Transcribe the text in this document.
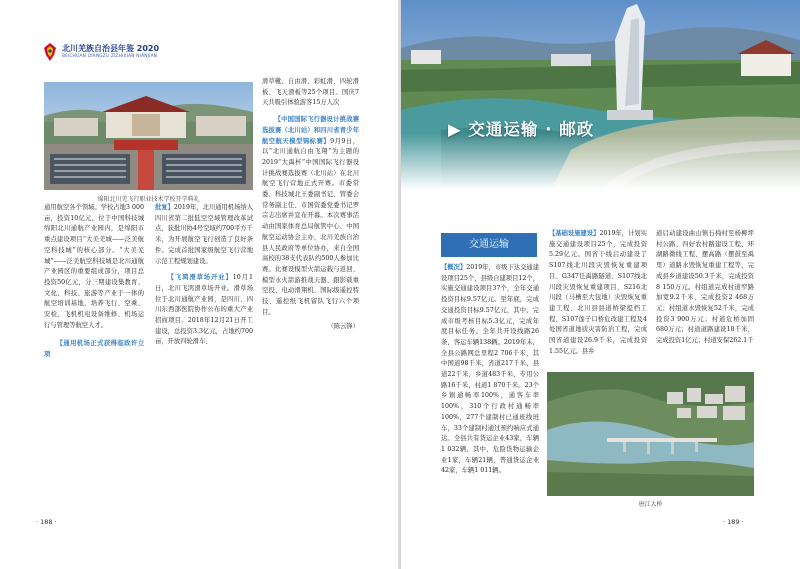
北川羌族自治县年鉴 2020
BEICHUAN QIANGZU ZIZHIXIAN NIANJIAN
绵阳北川羌飞行职业技术学校开学典礼

通用航空各个领域。学校占地3 000亩，投资10亿元，位于中国科技城绵阳北川通航产业园内，是绵阳市重点建设项目“大美羌城——泛美航空科技城”的核心部分。“大美羌城”——泛美航空科技城是北川通航产业园区的重要组成部分，项目总投资50亿元，分三期建设集教育、文化、科技、旅游等产业于一体的航空培训基地，培养飞行、空乘、安检、飞机机电设备维修、机场运行与管理等航空人才。

【通用机场正式获得临政许立项

批复】2019年，北川通用机场纳入四川省第二批低空空域管理改革试点，获批川协4号空域约700平方千米，为开展航空飞行创造了良好条件。完成首批国家级航空飞行营地示范工程规划建设。

【飞鸿滑草场开业】10月1日，北川飞鸿滑草场开业。滑草场位于北川通航产业园，是四川、四川东西部医院协作公布的重大产业招商项目，2018年12月21日开工建设，总投资3.3亿元，占地约700亩，开放四轮滑车、

滑草靴、自由滑、彩虹滑、四轮滑板、飞天滑板等25个项目。国庆7天共吸引体验游客15万人次

【中国国际飞行器设计挑战赛选拔赛（北川站）和四川省青少年航空航天模型锦标赛】9月9日，以“北川通航自由飞翔”为主题的2019“大禹杯”中国国际飞行器设计挑战赛选拔赛（北川站）在北川航空飞行营地正式开赛。市委常委、科技城北王委副书记、管委会常务副主任、市国资委党委书记罗宗志出席并宣布开幕。本次赛事活动由国家体育总局航管中心、中国航空运动协会主办，北川羌族自治县人民政府等单位协办，来自全国高校的38支代表队约500人参加比赛。比赛设模型火箭运载与返回、模型水火箭游推战天器、跟影载重空投、电动滑翔机、国际级遥控特技、遥控纸飞机留队飞行六个项目。

（陈云锋）

· 188 ·
▶ 交通运输 · 邮政
交通运输

【概况】2019年，市级下达交通建设项目25个，县级自建项目12个，实施交通建设项目37个，全年交通投资目标9.57亿元。至年底，完成交通投资目标9.57亿元，其中，完成市级考核目标5.3亿元，完成年度目标任务。全年共开设线路26条，客运车辆138辆。2019年末，全县公路网总里程2 706千米，其中国道98千米，省道217千米，县道22千米，乡道483千米，专用公路16千米，村道1 870千米。23个乡镇通畅率100%，通客车率100%，310个行政村通畅率100%，277个建制村已通班线班车，33个建制村通过预约响应式通达。全县共有货运企业43家，车辆1 032辆，其中，危险货物运输企业1家，车辆21辆，普通货运企业42家，车辆1 011辆。

【基础设施建设】2019年，计划实施交通建设项目25个，完成投资5.29亿元。国省干线启动建设了S107线北川段灾毁恢复重建项目、G347任禹路隧道、S107线北川段灾毁恢复重建项目、S216北川段（马槽至大包地）灾毁恢复重建工程、北川县县道桥梁提档工程、S107莲子口桥危改建工程及4处国省道地质灾害防治工程，完成国省道建设26.9千米，完成投资1.55亿元。县乡

道启动建设曲山镇石椅村至杨柳坪村公路、四好农村路建设工程、环湖路微线工程、摆高路（摆鼓至禹里）道路水毁恢复重建工程等，完成县乡道建设50.3千米，完成投资8 150万元。村组道完成村道窄路加宽9.2千米，完成投资2 468万元；村组道水毁恢复52千米，完成投资3 900万元；村道危桥加固680万元；村道道路建设18千米，完成投资1亿元；村道安保262.1千

唐江大桥
· 189 ·
